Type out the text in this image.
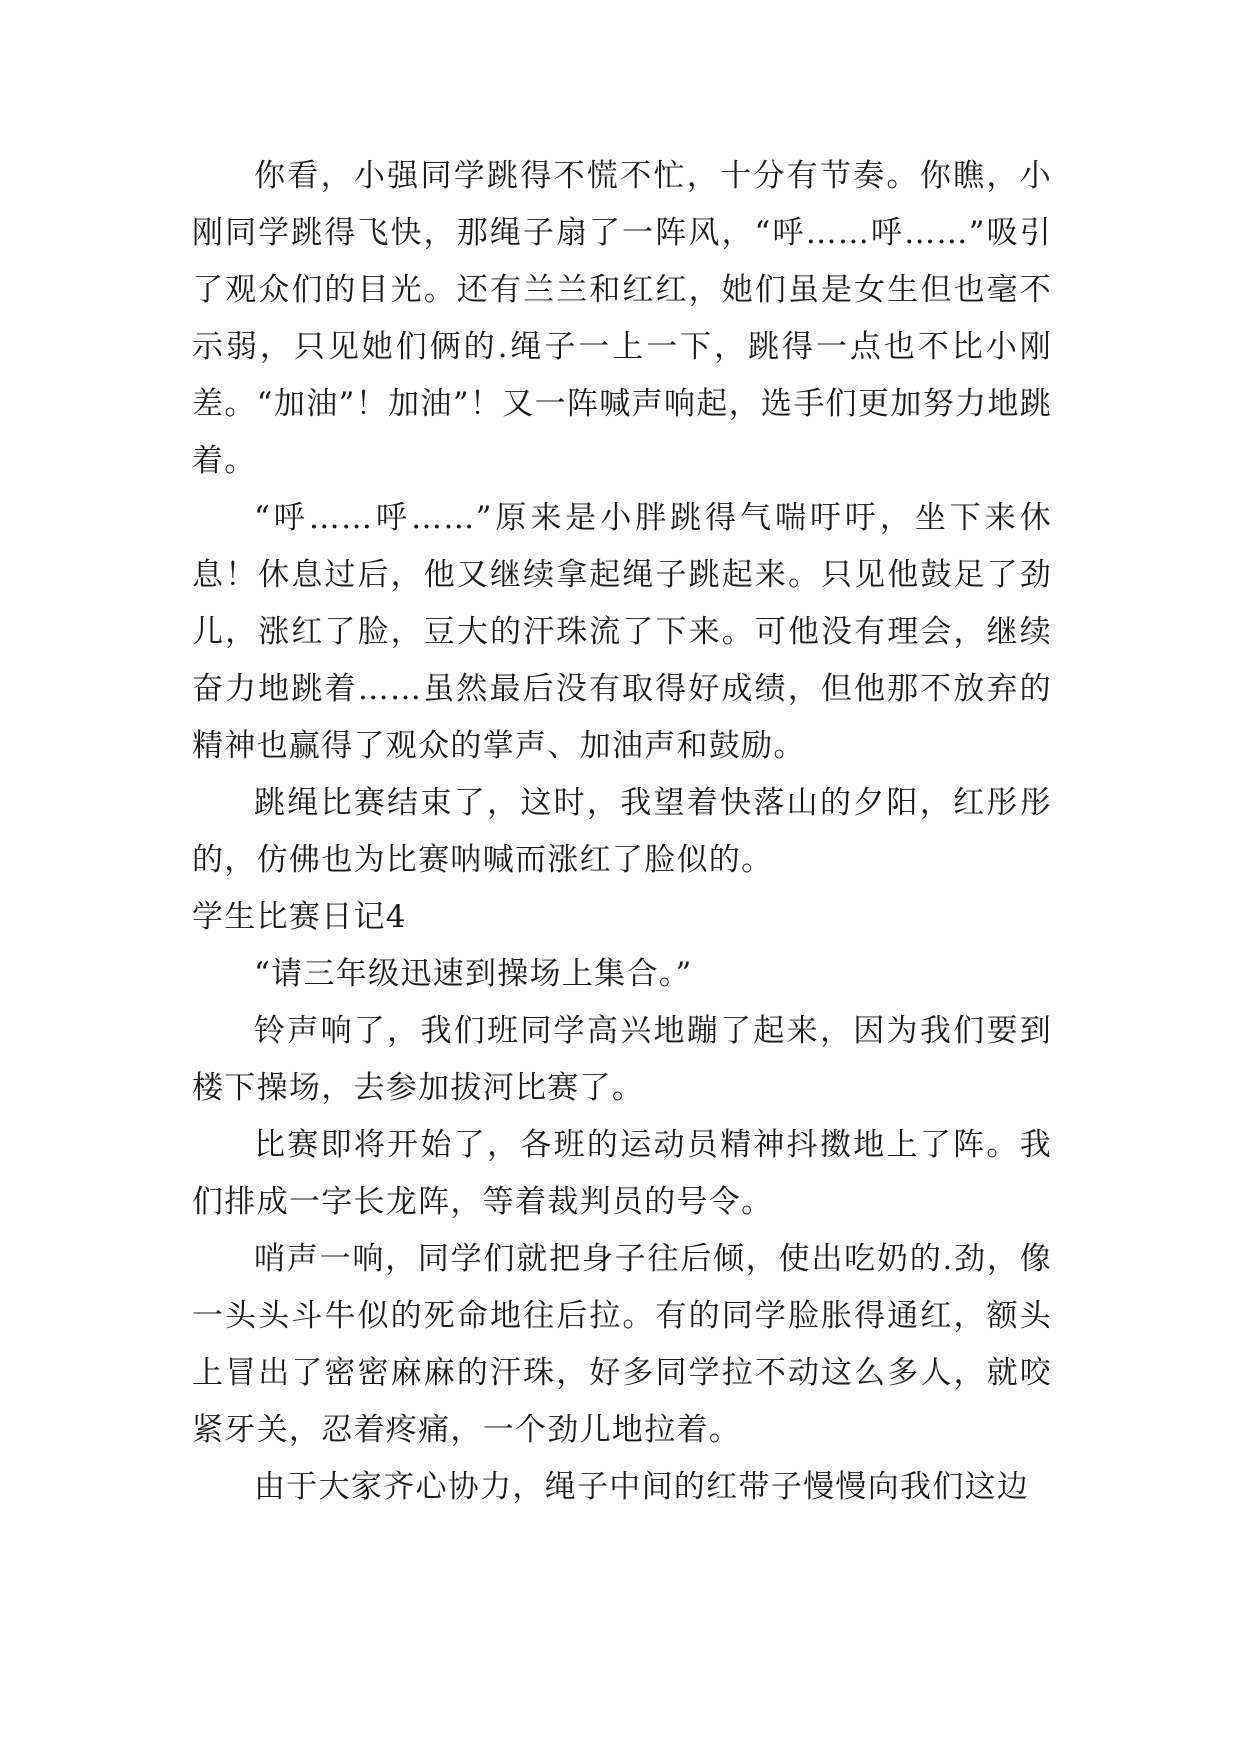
你看，小强同学跳得不慌不忙，十分有节奏。你瞧，小刚同学跳得飞快，那绳子扇了一阵风，“呼……呼……”吸引了观众们的目光。还有兰兰和红红，她们虽是女生但也毫不示弱，只见她们俩的.绳子一上一下，跳得一点也不比小刚差。“加油”！加油”！又一阵喊声响起，选手们更加努力地跳着。

“呼……呼……”原来是小胖跳得气喘吁吁，坐下来休息！休息过后，他又继续拿起绳子跳起来。只见他鼓足了劲儿，涨红了脸，豆大的汗珠流了下来。可他没有理会，继续奋力地跳着……虽然最后没有取得好成绩，但他那不放弃的精神也赢得了观众的掌声、加油声和鼓励。

跳绳比赛结束了，这时，我望着快落山的夕阳，红彤彤的，仿佛也为比赛呐喊而涨红了脸似的。

学生比赛日记4

“请三年级迅速到操场上集合。”

铃声响了，我们班同学高兴地蹦了起来，因为我们要到楼下操场，去参加拔河比赛了。

比赛即将开始了，各班的运动员精神抖擞地上了阵。我们排成一字长龙阵，等着裁判员的号令。

哨声一响，同学们就把身子往后倾，使出吃奶的.劲，像一头头斗牛似的死命地往后拉。有的同学脸胀得通红，额头上冒出了密密麻麻的汗珠，好多同学拉不动这么多人，就咬紧牙关，忍着疼痛，一个劲儿地拉着。

由于大家齐心协力，绳子中间的红带子慢慢向我们这边
